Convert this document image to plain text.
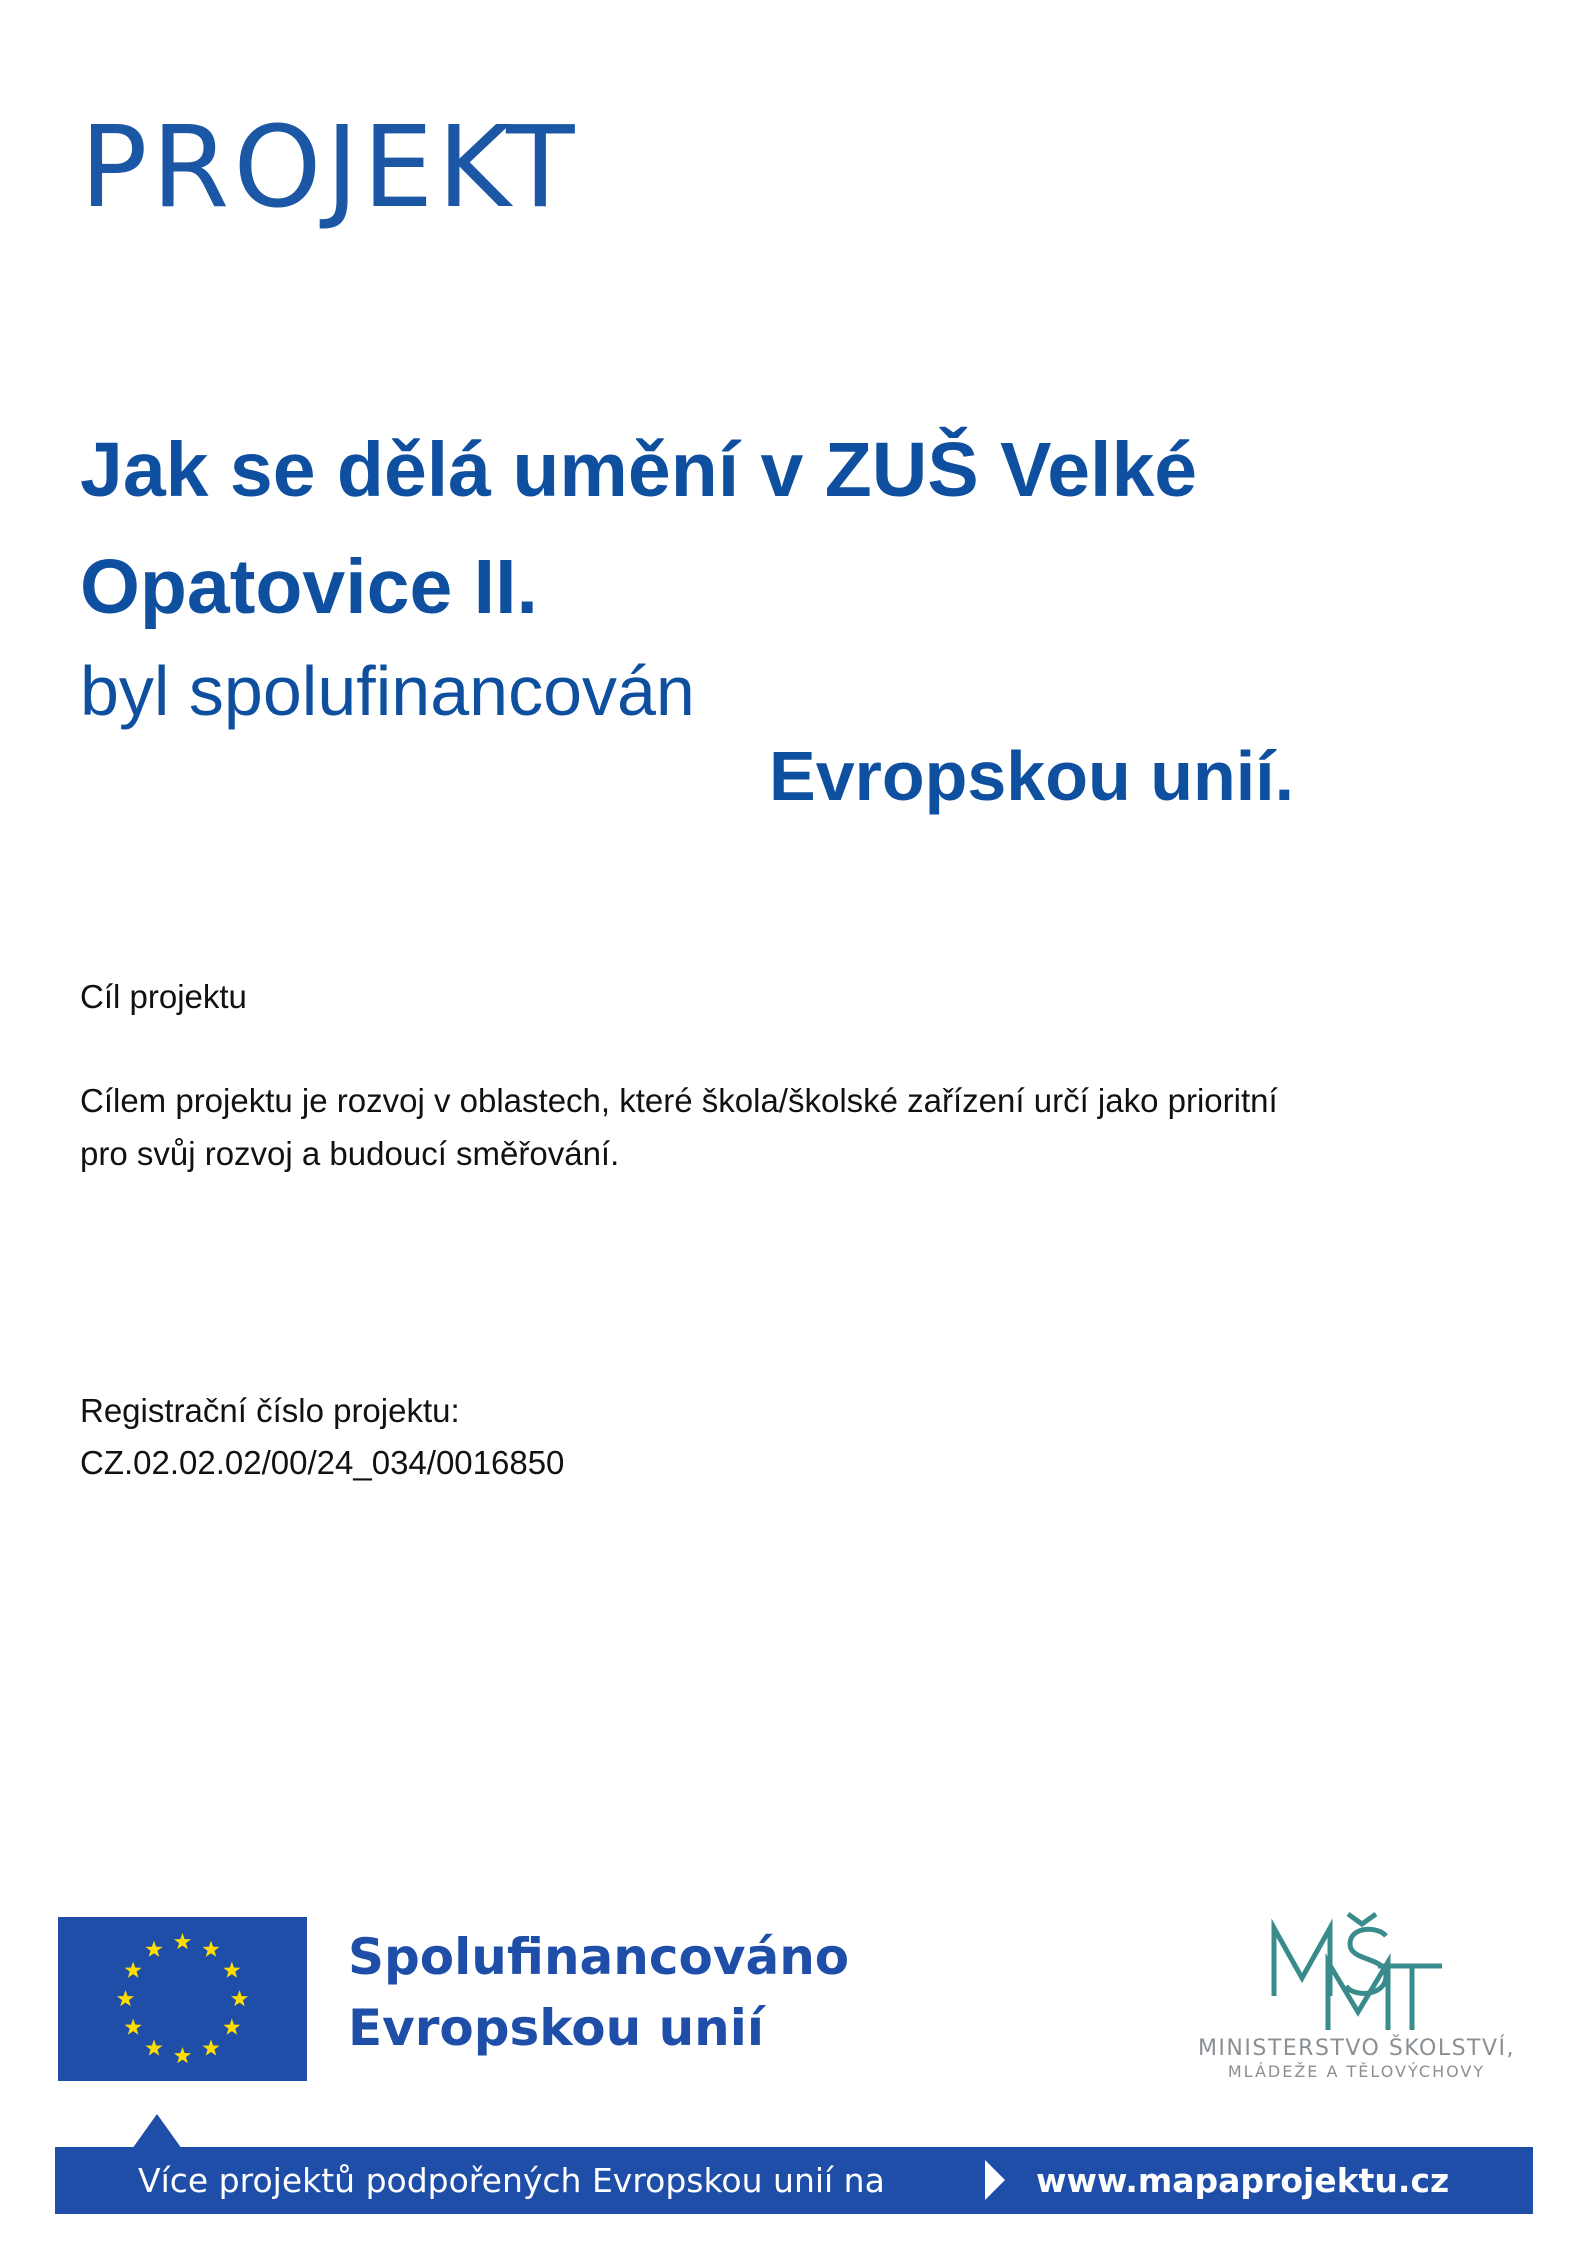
PROJEKT
Jak se dělá umění v ZUŠ Velké
Opatovice II.
byl spolufinancován
Evropskou unií.
Cíl projektu
Cílem projektu je rozvoj v oblastech, které škola/školské zařízení určí jako prioritní
pro svůj rozvoj a budoucí směřování.
Registrační číslo projektu:
CZ.02.02.02/00/24_034/0016850
Spolufinancováno
Evropskou unií	MINISTERSTVO ŠKOLSTVÍ,
MLÁDEŽE A TĚLOVÝCHOVY
Více projektů podpořených Evropskou unií na	www.mapaprojektu.cz
